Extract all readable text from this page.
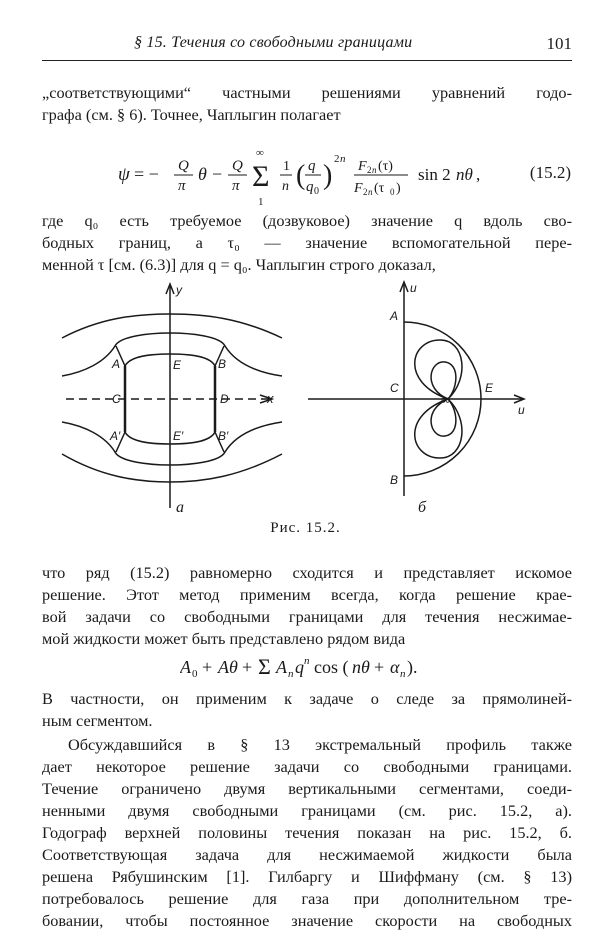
§ 15. Течения со свободными границами	101
„соответствующими“ частными решениями уравнений годо-
графа (см. § 6). Точнее, Чаплыгин полагает
ψ = − Q
π
θ − Q
π
∞
Σ
1
1
n ( q
q 0
)
2 n F 2 n (τ)
F 2 n (τ 0 )
sin 2 nθ ,	(15.2)
где q₀ есть требуемое (дозвуковое) значение q вдоль сво-
бодных границ, а τ₀ — значение вспомогательной пере-
менной τ [см. (6.3)] для q = q₀. Чаплыгин строго доказал,
y
x
A	E	B
C	D
A′	E′	B′
а
u
u
A
C	E
B
∞
б
Рис. 15.2.
что ряд (15.2) равномерно сходится и представляет искомое
решение. Этот метод применим всегда, когда решение крае-
вой задачи со свободными границами для течения несжимае-
мой жидкости может быть представлено рядом вида
A 0 + Aθ + Σ A n q n cos ( nθ + α n ).
В частности, он применим к задаче о следе за прямолиней-
ным сегментом.
Обсуждавшийся в § 13 экстремальный профиль также
дает некоторое решение задачи со свободными границами.
Течение ограничено двумя вертикальными сегментами, соеди-
ненными двумя свободными границами (см. рис. 15.2, а).
Годограф верхней половины течения показан на рис. 15.2, б.
Соответствующая задача для несжимаемой жидкости была
решена Рябушинским [1]. Гилбаргу и Шиффману (см. § 13)
потребовалось решение для газа при дополнительном тре-
бовании, чтобы постоянное значение скорости на свободных
